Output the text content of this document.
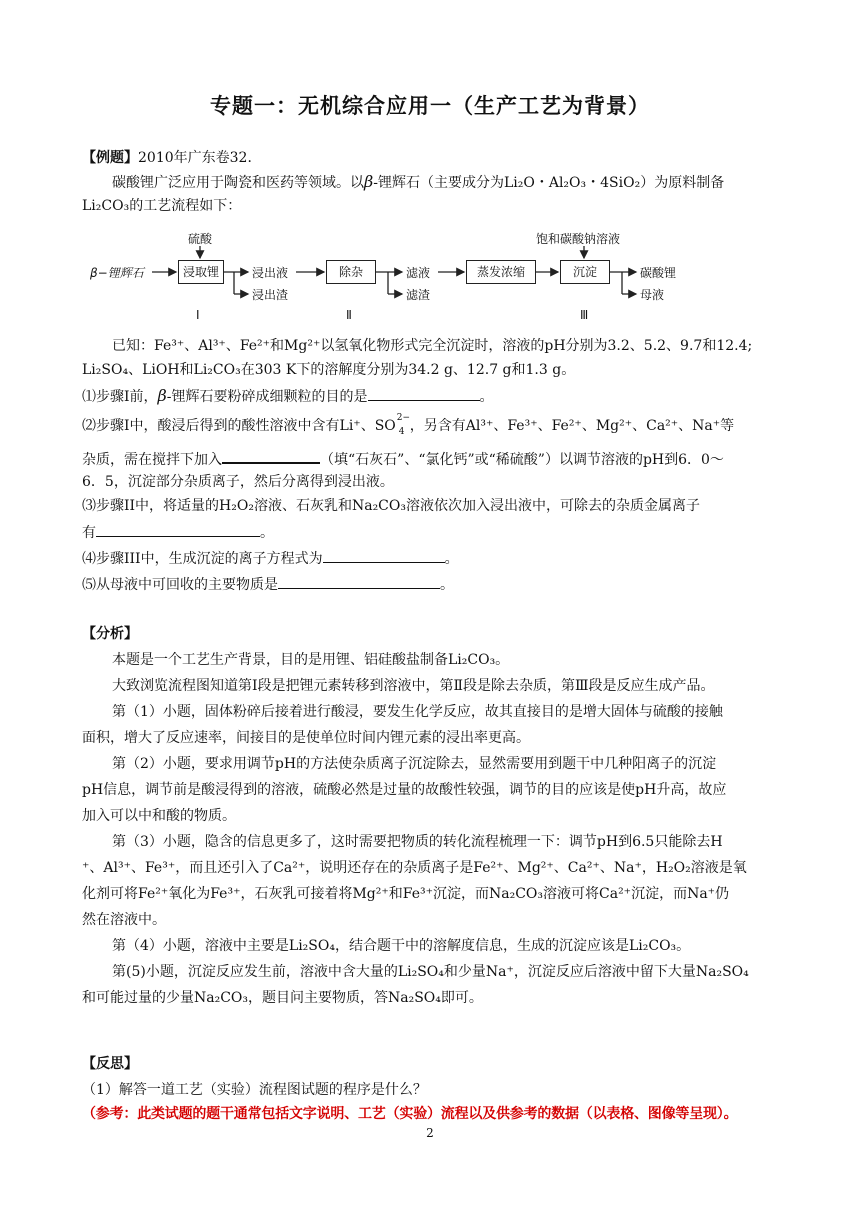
专题一：无机综合应用一（生产工艺为背景）
【例题】2010年广东卷32．
碳酸锂广泛应用于陶瓷和医药等领域。以β-锂辉石（主要成分为Li₂O・Al₂O₃・4SiO₂）为原料制备
Li₂CO₃的工艺流程如下：
β−锂辉石
硫酸
浸取锂	浸出液
浸出渣
除杂	滤液
滤渣
蒸发浓缩
饱和碳酸钠溶液
沉淀	碳酸锂
母液
Ⅰ	Ⅱ	Ⅲ
已知：Fe³⁺、Al³⁺、Fe²⁺和Mg²⁺以氢氧化物形式完全沉淀时，溶液的pH分别为3.2、5.2、9.7和12.4;
Li₂SO₄、LiOH和Li₂CO₃在303 K下的溶解度分别为34.2 g、12.7 g和1.3 g。
⑴步骤I前，β-锂辉石要粉碎成细颗粒的目的是	。
⑵步骤I中，酸浸后得到的酸性溶液中含有Li⁺、SO 2−
4 ，另含有Al³⁺、Fe³⁺、Fe²⁺、Mg²⁺、Ca²⁺、Na⁺等
杂质，需在搅拌下加入	（填“石灰石”、“氯化钙”或“稀硫酸”）以调节溶液的pH到6．0～
6．5，沉淀部分杂质离子，然后分离得到浸出液。
⑶步骤II中，将适量的H₂O₂溶液、石灰乳和Na₂CO₃溶液依次加入浸出液中，可除去的杂质金属离子
有	。
⑷步骤III中，生成沉淀的离子方程式为	。
⑸从母液中可回收的主要物质是	。
【分析】
本题是一个工艺生产背景，目的是用锂、铝硅酸盐制备Li₂CO₃。
大致浏览流程图知道第Ⅰ段是把锂元素转移到溶液中，第Ⅱ段是除去杂质，第Ⅲ段是反应生成产品。
第（1）小题，固体粉碎后接着进行酸浸，要发生化学反应，故其直接目的是增大固体与硫酸的接触
面积，增大了反应速率，间接目的是使单位时间内锂元素的浸出率更高。
第（2）小题，要求用调节pH的方法使杂质离子沉淀除去，显然需要用到题干中几种阳离子的沉淀
pH信息，调节前是酸浸得到的溶液，硫酸必然是过量的故酸性较强，调节的目的应该是使pH升高，故应
加入可以中和酸的物质。
第（3）小题，隐含的信息更多了，这时需要把物质的转化流程梳理一下：调节pH到6.5只能除去H
⁺、Al³⁺、Fe³⁺，而且还引入了Ca²⁺，说明还存在的杂质离子是Fe²⁺、Mg²⁺、Ca²⁺、Na⁺，H₂O₂溶液是氧
化剂可将Fe²⁺氧化为Fe³⁺，石灰乳可接着将Mg²⁺和Fe³⁺沉淀，而Na₂CO₃溶液可将Ca²⁺沉淀，而Na⁺仍
然在溶液中。
第（4）小题，溶液中主要是Li₂SO₄，结合题干中的溶解度信息，生成的沉淀应该是Li₂CO₃。
第(5)小题，沉淀反应发生前，溶液中含大量的Li₂SO₄和少量Na⁺，沉淀反应后溶液中留下大量Na₂SO₄
和可能过量的少量Na₂CO₃，题目问主要物质，答Na₂SO₄即可。
【反思】
（1）解答一道工艺（实验）流程图试题的程序是什么？
（参考：此类试题的题干通常包括文字说明、工艺（实验）流程以及供参考的数据（以表格、图像等呈现）。
2
